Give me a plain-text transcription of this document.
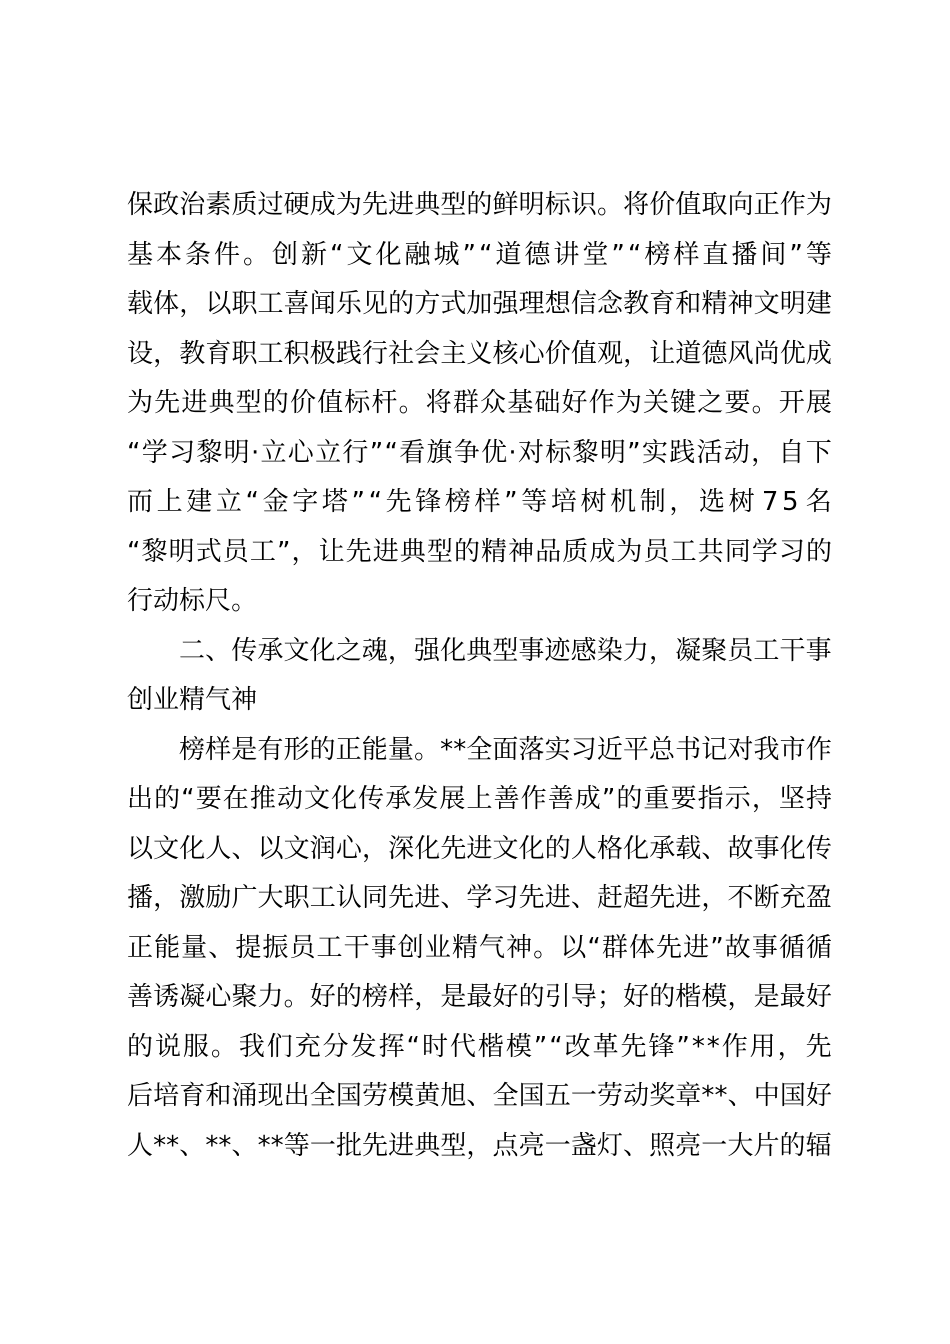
保 政 治 素 质 过 硬 成 为 先 进 典 型 的 鲜 明 标 识 。 将 价 值 取 向 正 作 为
基 本 条 件 。 创 新 “ 文 化 融 城 ” “ 道 德 讲 堂 ” “ 榜 样 直 播 间 ” 等
载 体 ， 以 职 工 喜 闻 乐 见 的 方 式 加 强 理 想 信 念 教 育 和 精 神 文 明 建
设 ， 教 育 职 工 积 极 践 行 社 会 主 义 核 心 价 值 观 ， 让 道 德 风 尚 优 成
为 先 进 典 型 的 价 值 标 杆 。 将 群 众 基 础 好 作 为 关 键 之 要 。 开 展
“ 学 习 黎 明 · 立 心 立 行 ” “ 看 旗 争 优 · 对 标 黎 明 ” 实 践 活 动 ， 自 下
而 上 建 立 “ 金 字 塔 ” “ 先 锋 榜 样 ” 等 培 树 机 制 ， 选 树 7 5 名
“ 黎 明 式 员 工 ” ， 让 先 进 典 型 的 精 神 品 质 成 为 员 工 共 同 学 习 的
行 动 标 尺 。
二 、 传 承 文 化 之 魂 ， 强 化 典 型 事 迹 感 染 力 ， 凝 聚 员 工 干 事
创 业 精 气 神
榜 样 是 有 形 的 正 能 量 。 * * 全 面 落 实 习 近 平 总 书 记 对 我 市 作
出 的 “ 要 在 推 动 文 化 传 承 发 展 上 善 作 善 成 ” 的 重 要 指 示 ， 坚 持
以 文 化 人 、 以 文 润 心 ， 深 化 先 进 文 化 的 人 格 化 承 载 、 故 事 化 传
播 ， 激 励 广 大 职 工 认 同 先 进 、 学 习 先 进 、 赶 超 先 进 ， 不 断 充 盈
正 能 量 、 提 振 员 工 干 事 创 业 精 气 神 。 以 “ 群 体 先 进 ” 故 事 循 循
善 诱 凝 心 聚 力 。 好 的 榜 样 ， 是 最 好 的 引 导 ； 好 的 楷 模 ， 是 最 好
的 说 服 。 我 们 充 分 发 挥 “ 时 代 楷 模 ” “ 改 革 先 锋 ” * * 作 用 ， 先
后 培 育 和 涌 现 出 全 国 劳 模 黄 旭 、 全 国 五 一 劳 动 奖 章 * * 、 中 国 好
人 * * 、 * * 、 * * 等 一 批 先 进 典 型 ， 点 亮 一 盏 灯 、 照 亮 一 大 片 的 辐
